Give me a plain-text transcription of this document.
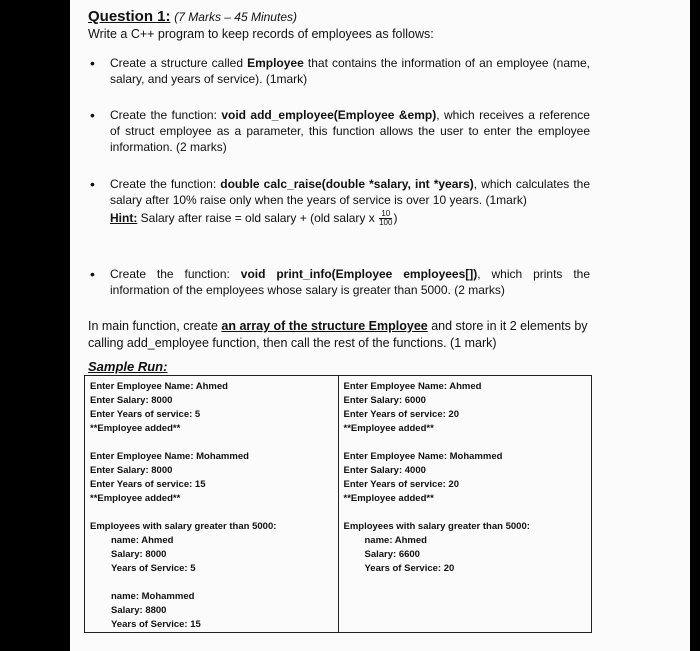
Question 1: (7 Marks – 45 Minutes)
Write a C++ program to keep records of employees as follows:
• Create a structure called Employee that contains the information of an employee (name, salary, and years of service). (1mark)
• Create the function: void add_employee(Employee &emp), which receives a reference of struct employee as a parameter, this function allows the user to enter the employee information. (2 marks)
• Create the function: double calc_raise(double *salary, int *years), which calculates the salary after 10% raise only when the years of service is over 10 years. (1mark)
Hint: Salary after raise = old salary + (old salary x $\frac{10}{100}$ )
• Create the function: void print_info(Employee employees[]), which prints the information of the employees whose salary is greater than 5000. (2 marks)
In main function, create an array of the structure Employee and store in it 2 elements by calling add_employee function, then call the rest of the functions. (1 mark)
Sample Run:
Enter Employee Name: Ahmed
Enter Salary: 8000
Enter Years of service: 5
**Employee added**
Enter Employee Name: Mohammed
Enter Salary: 8000
Enter Years of service: 15
**Employee added**
Employees with salary greater than 5000:
name: Ahmed
Salary: 8000
Years of Service: 5
name: Mohammed
Salary: 8800
Years of Service: 15
Enter Employee Name: Ahmed
Enter Salary: 6000
Enter Years of service: 20
**Employee added**
Enter Employee Name: Mohammed
Enter Salary: 4000
Enter Years of service: 20
**Employee added**
Employees with salary greater than 5000:
name: Ahmed
Salary: 6600
Years of Service: 20
